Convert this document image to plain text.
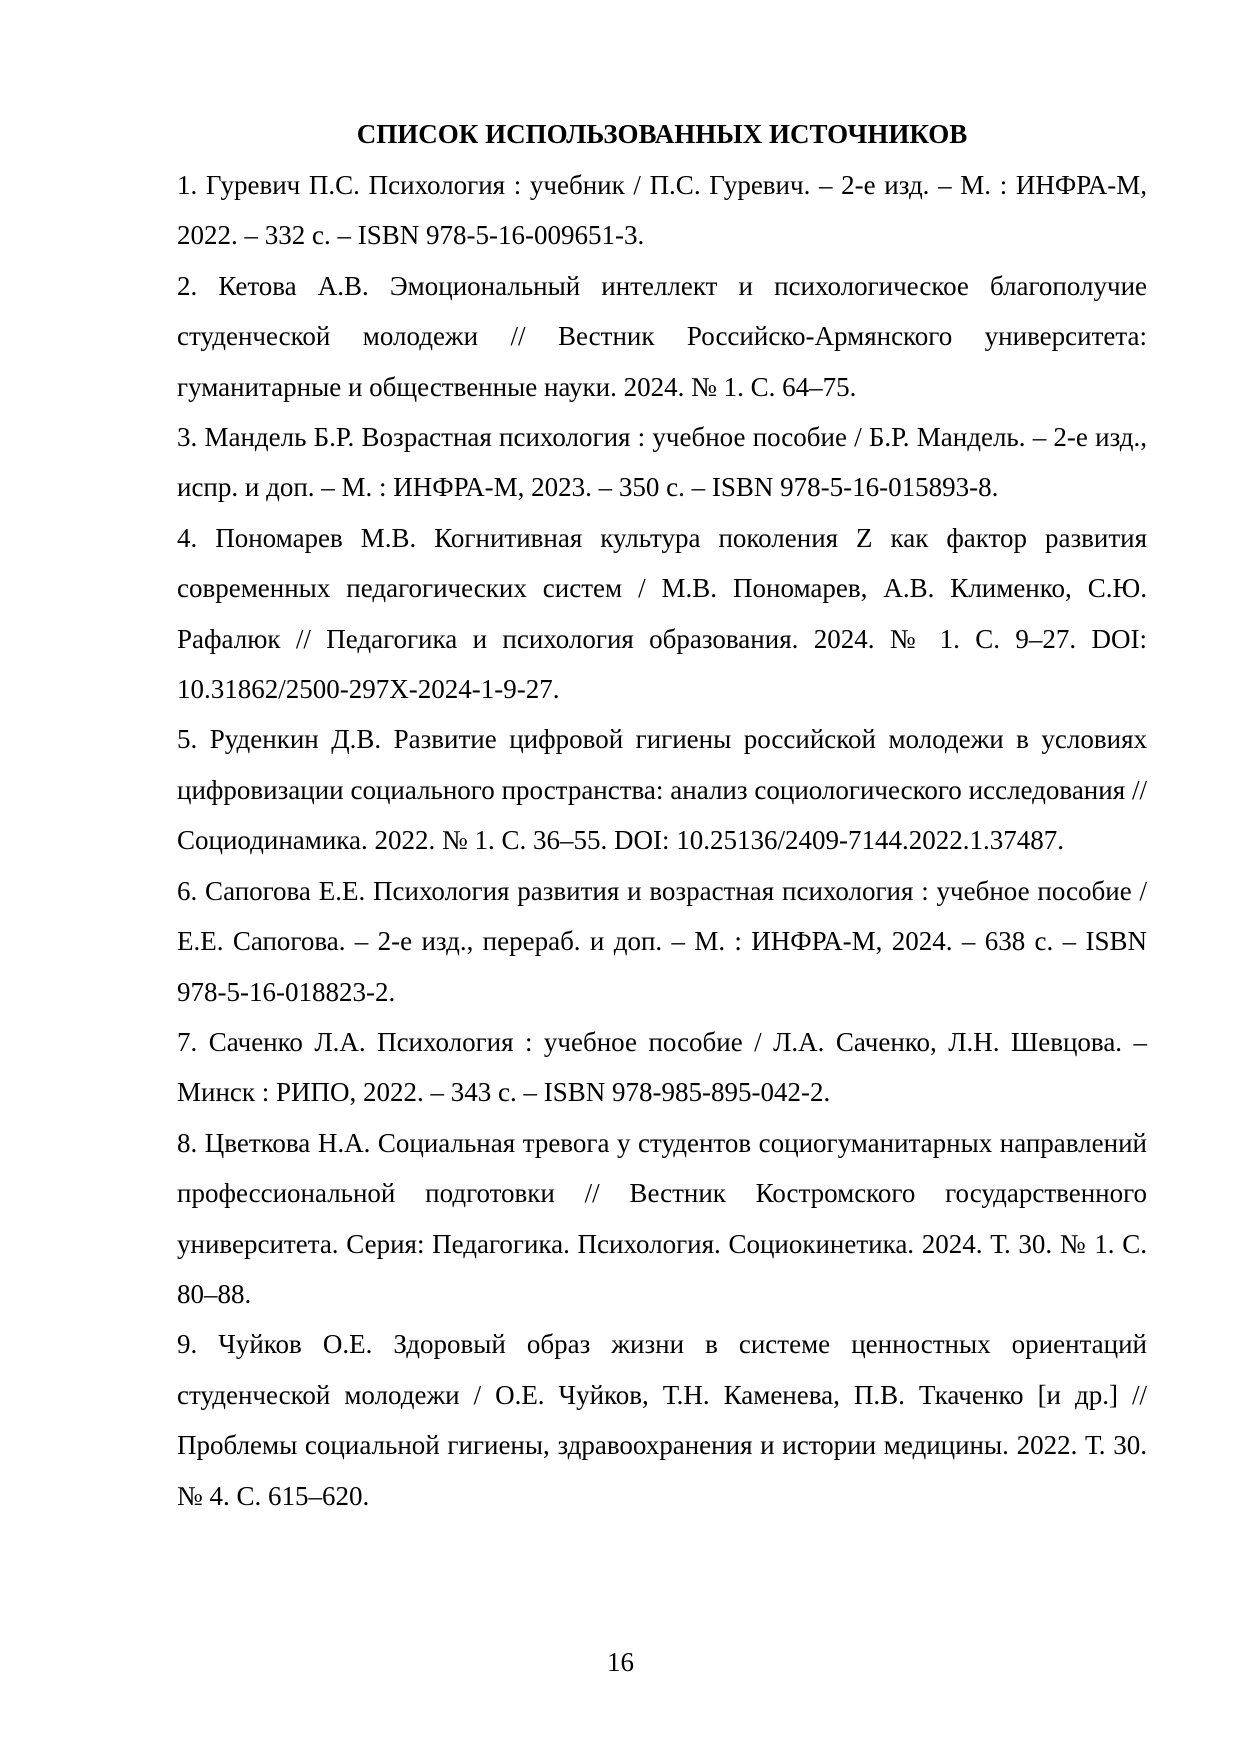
СПИСОК ИСПОЛЬЗОВАННЫХ ИСТОЧНИКОВ
1. Гуревич П.С. Психология : учебник / П.С. Гуревич. – 2-е изд. – М. : ИНФРА-М, 2022. – 332 с. – ISBN 978-5-16-009651-3.
2. Кетова А.В. Эмоциональный интеллект и психологическое благополучие студенческой молодежи // Вестник Российско-Армянского университета: гуманитарные и общественные науки. 2024. № 1. С. 64–75.
3. Мандель Б.Р. Возрастная психология : учебное пособие / Б.Р. Мандель. – 2-е изд., испр. и доп. – М. : ИНФРА-М, 2023. – 350 с. – ISBN 978-5-16-015893-8.
4. Пономарев М.В. Когнитивная культура поколения Z как фактор развития современных педагогических систем / М.В. Пономарев, А.В. Клименко, С.Ю. Рафалюк // Педагогика и психология образования. 2024. № 1. С. 9–27. DOI: 10.31862/2500-297X-2024-1-9-27.
5. Руденкин Д.В. Развитие цифровой гигиены российской молодежи в условиях цифровизации социального пространства: анализ социологического исследования // Социодинамика. 2022. № 1. С. 36–55. DOI: 10.25136/2409-7144.2022.1.37487.
6. Сапогова Е.Е. Психология развития и возрастная психология : учебное пособие / Е.Е. Сапогова. – 2-е изд., перераб. и доп. – М. : ИНФРА-М, 2024. – 638 с. – ISBN 978-5-16-018823-2.
7. Саченко Л.А. Психология : учебное пособие / Л.А. Саченко, Л.Н. Шевцова. – Минск : РИПО, 2022. – 343 с. – ISBN 978-985-895-042-2.
8. Цветкова Н.А. Социальная тревога у студентов социогуманитарных направлений профессиональной подготовки // Вестник Костромского государственного университета. Серия: Педагогика. Психология. Социокинетика. 2024. Т. 30. № 1. С. 80–88.
9. Чуйков О.Е. Здоровый образ жизни в системе ценностных ориентаций студенческой молодежи / О.Е. Чуйков, Т.Н. Каменева, П.В. Ткаченко [и др.] // Проблемы социальной гигиены, здравоохранения и истории медицины. 2022. Т. 30. № 4. С. 615–620.
16
